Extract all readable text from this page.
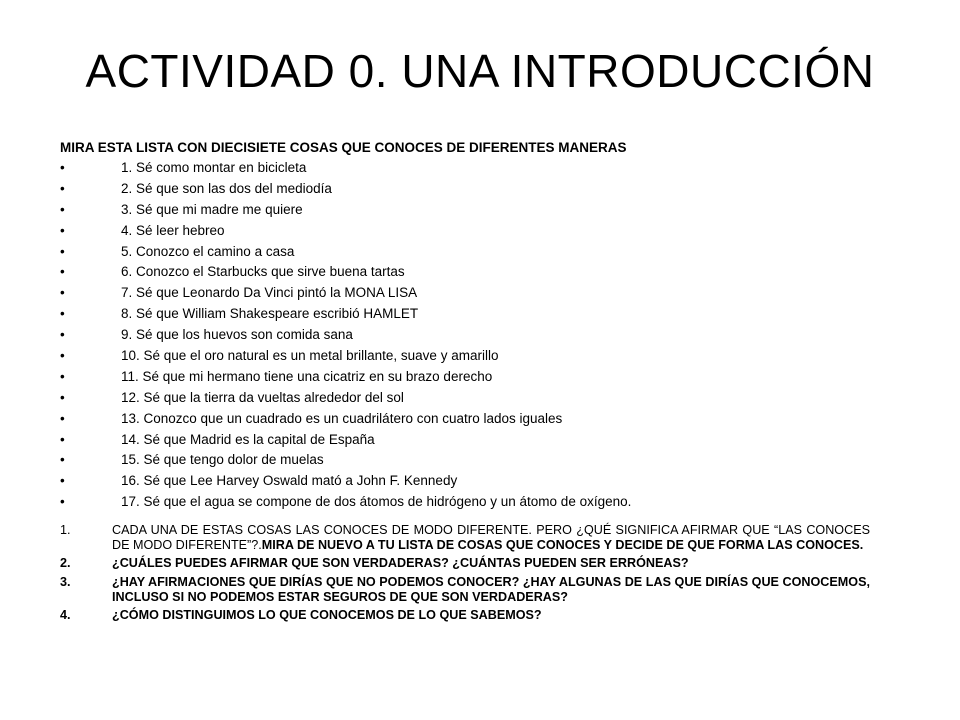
ACTIVIDAD 0. UNA INTRODUCCIÓN

MIRA ESTA LISTA CON DIECISIETE COSAS QUE CONOCES DE DIFERENTES MANERAS

•	1. Sé como montar en bicicleta
•	2. Sé que son las dos del mediodía
•	3. Sé que mi madre me quiere
•	4. Sé leer hebreo
•	5. Conozco el camino a casa
•	6. Conozco el Starbucks que sirve buena tartas
•	7. Sé que Leonardo Da Vinci pintó la MONA LISA
•	8. Sé que William Shakespeare escribió HAMLET
•	9. Sé que los huevos son comida sana
•	10. Sé que el oro natural es un metal brillante, suave y amarillo
•	11. Sé que mi hermano tiene una cicatriz en su brazo derecho
•	12. Sé que la tierra da vueltas alrededor del sol
•	13. Conozco que un cuadrado es un cuadrilátero con cuatro lados iguales
•	14. Sé que Madrid es la capital de España
•	15. Sé que tengo dolor de muelas
•	16. Sé que Lee Harvey Oswald mató a John F. Kennedy
•	17. Sé que el agua se compone de dos átomos de hidrógeno y un átomo de oxígeno.
1.	CADA UNA DE ESTAS COSAS LAS CONOCES DE MODO DIFERENTE. PERO ¿QUÉ SIGNIFICA AFIRMAR QUE “LAS CONOCES DE MODO DIFERENTE”?.MIRA DE NUEVO A TU LISTA DE COSAS QUE CONOCES Y DECIDE DE QUE FORMA LAS CONOCES.
2.	¿CUÁLES PUEDES AFIRMAR QUE SON VERDADERAS? ¿CUÁNTAS PUEDEN SER ERRÓNEAS?
3.	¿HAY AFIRMACIONES QUE DIRÍAS QUE NO PODEMOS CONOCER? ¿HAY ALGUNAS DE LAS QUE DIRÍAS QUE CONOCEMOS, INCLUSO SI NO PODEMOS ESTAR SEGUROS DE QUE SON VERDADERAS?
4.	¿CÓMO DISTINGUIMOS LO QUE CONOCEMOS DE LO QUE SABEMOS?
